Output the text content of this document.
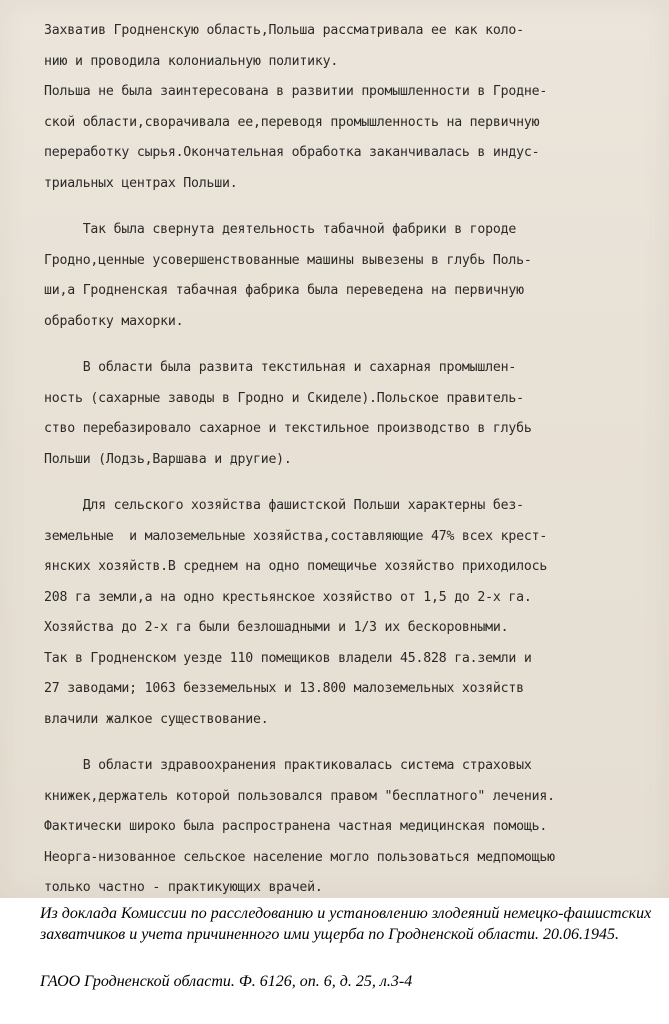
Захватив Гродненскую область,Польша рассматривала ее как коло-
нию и проводила колониальную политику.
Польша не была заинтересована в развитии промышленности в Гродне-
ской области,сворачивала ее,переводя промышленность на первичную
переработку сырья.Окончательная обработка заканчивалась в индус-
триальных центрах Польши.
Так была свернута деятельность табачной фабрики в городе
Гродно,ценные усовершенствованные машины вывезены в глубь Поль-
ши,а Гродненская табачная фабрика была переведена на первичную
обработку махорки.
В области была развита текстильная и сахарная промышлен-
ность (сахарные заводы в Гродно и Скиделе).Польское правитель-
ство перебазировало сахарное и текстильное производство в глубь
Польши (Лодзь,Варшава и другие).
Для сельского хозяйства фашистской Польши характерны без-
земельные  и малоземельные хозяйства,составляющие 47% всех крест-
янских хозяйств.В среднем на одно помещичье хозяйство приходилось
208 га земли,а на одно крестьянское хозяйство от 1,5 до 2-х га.
Хозяйства до 2-х га были безлошадными и 1/3 их бескоровными.
Так в Гродненском уезде 110 помещиков владели 45.828 га.земли и
27 заводами; 1063 безземельных и 13.800 малоземельных хозяйств
влачили жалкое существование.
В области здравоохранения практиковалась система страховых
книжек,держатель которой пользовался правом "бесплатного" лечения.
Фактически широко была распространена частная медицинская помощь.
Неорга-низованное сельское население могло пользоваться медпомощью
только частно - практикующих врачей.

Из доклада Комиссии по расследованию и установлению злодеяний немецко-фашистских захватчиков и учета причиненного ими ущерба по Гродненской области. 20.06.1945.

ГАОО Гродненской области. Ф. 6126, оп. 6, д. 25, л.3-4
